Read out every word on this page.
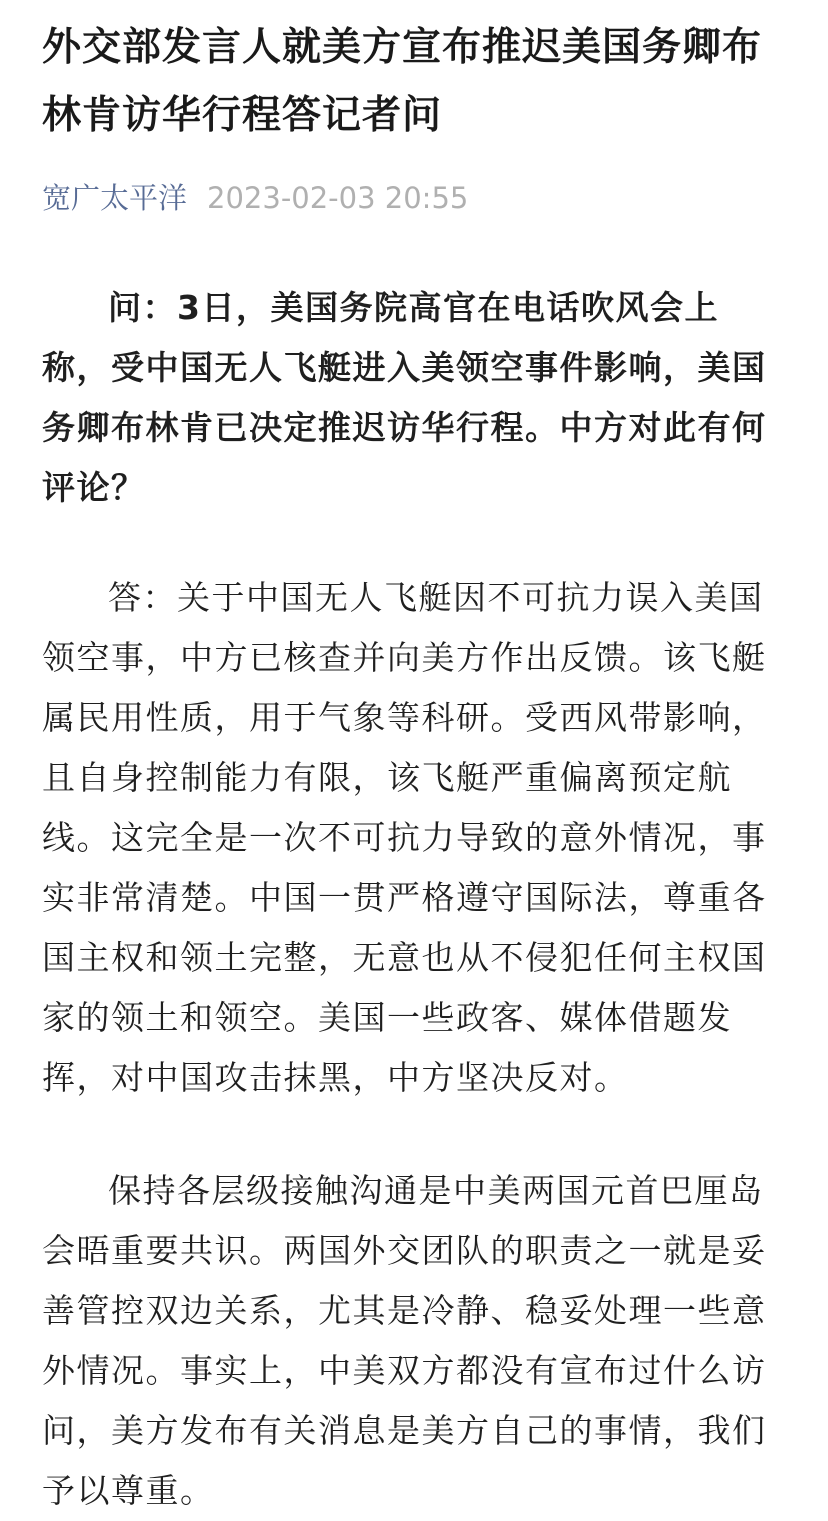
外交部发言人就美方宣布推迟美国务卿布林肯访华行程答记者问
宽广太平洋 2023-02-03 20:55

问：3日，美国务院高官在电话吹风会上称，受中国无人飞艇进入美领空事件影响，美国务卿布林肯已决定推迟访华行程。中方对此有何评论？

答：关于中国无人飞艇因不可抗力误入美国领空事，中方已核查并向美方作出反馈。该飞艇属民用性质，用于气象等科研。受西风带影响，且自身控制能力有限，该飞艇严重偏离预定航线。这完全是一次不可抗力导致的意外情况，事实非常清楚。中国一贯严格遵守国际法，尊重各国主权和领土完整，无意也从不侵犯任何主权国家的领土和领空。美国一些政客、媒体借题发挥，对中国攻击抹黑，中方坚决反对。

保持各层级接触沟通是中美两国元首巴厘岛会晤重要共识。两国外交团队的职责之一就是妥善管控双边关系，尤其是冷静、稳妥处理一些意外情况。事实上，中美双方都没有宣布过什么访问，美方发布有关消息是美方自己的事情，我们予以尊重。
